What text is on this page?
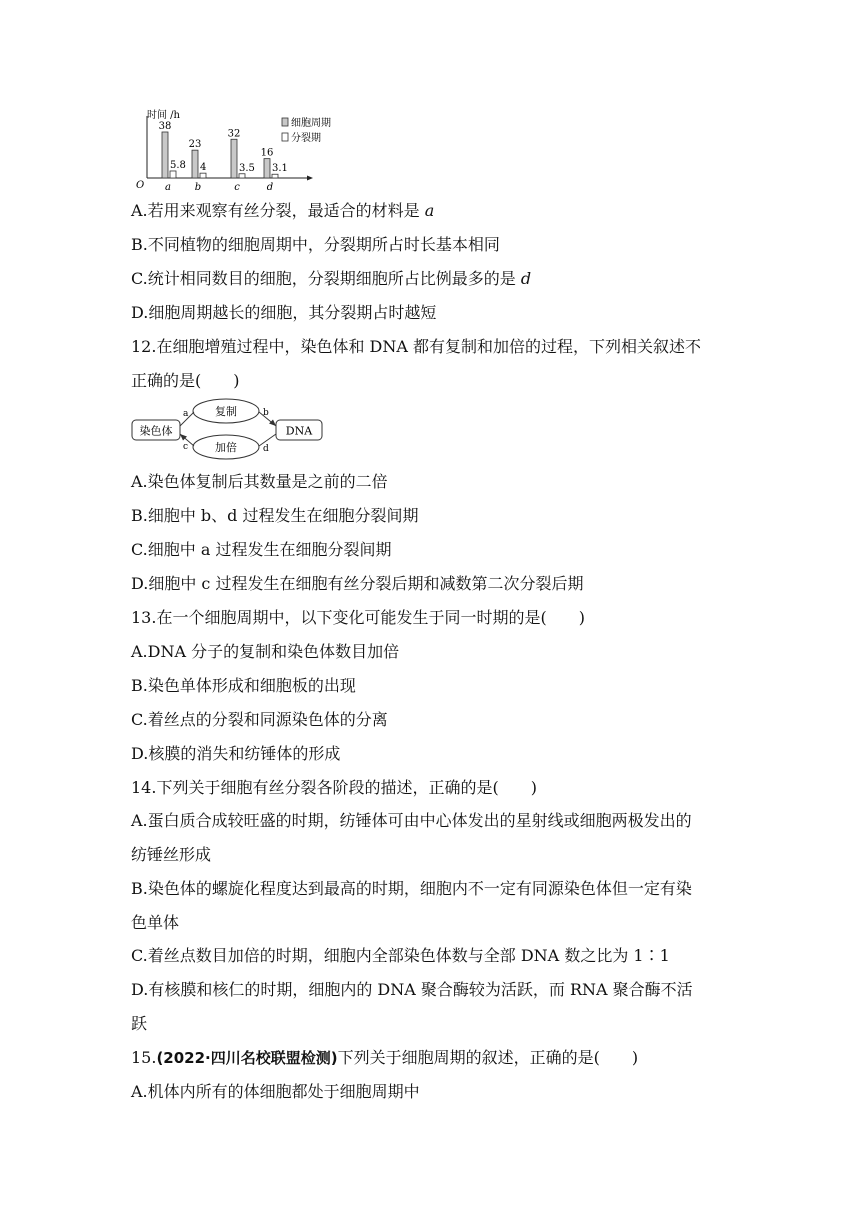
时间 /h
O
细胞周期
分裂期
38
5.8
a
23
4
b
32
3.5
c
16
3.1
d
A.若用来观察有丝分裂，最适合的材料是 a
B.不同植物的细胞周期中，分裂期所占时长基本相同
C.统计相同数目的细胞，分裂期细胞所占比例最多的是 d
D.细胞周期越长的细胞，其分裂期占时越短
12.在细胞增殖过程中，染色体和 DNA 都有复制和加倍的过程，下列相关叙述不
正确的是(　　)
染色体	DNA
复制
加倍
a	b
c	d
A.染色体复制后其数量是之前的二倍
B.细胞中 b、d 过程发生在细胞分裂间期
C.细胞中 a 过程发生在细胞分裂间期
D.细胞中 c 过程发生在细胞有丝分裂后期和减数第二次分裂后期
13.在一个细胞周期中，以下变化可能发生于同一时期的是(　　)
A.DNA 分子的复制和染色体数目加倍
B.染色单体形成和细胞板的出现
C.着丝点的分裂和同源染色体的分离
D.核膜的消失和纺锤体的形成
14.下列关于细胞有丝分裂各阶段的描述，正确的是(　　)
A.蛋白质合成较旺盛的时期，纺锤体可由中心体发出的星射线或细胞两极发出的
纺锤丝形成
B.染色体的螺旋化程度达到最高的时期，细胞内不一定有同源染色体但一定有染
色单体
C.着丝点数目加倍的时期，细胞内全部染色体数与全部 DNA 数之比为 1∶1
D.有核膜和核仁的时期，细胞内的 DNA 聚合酶较为活跃，而 RNA 聚合酶不活
跃
15.(2022·四川名校联盟检测)下列关于细胞周期的叙述，正确的是(　　)
A.机体内所有的体细胞都处于细胞周期中
